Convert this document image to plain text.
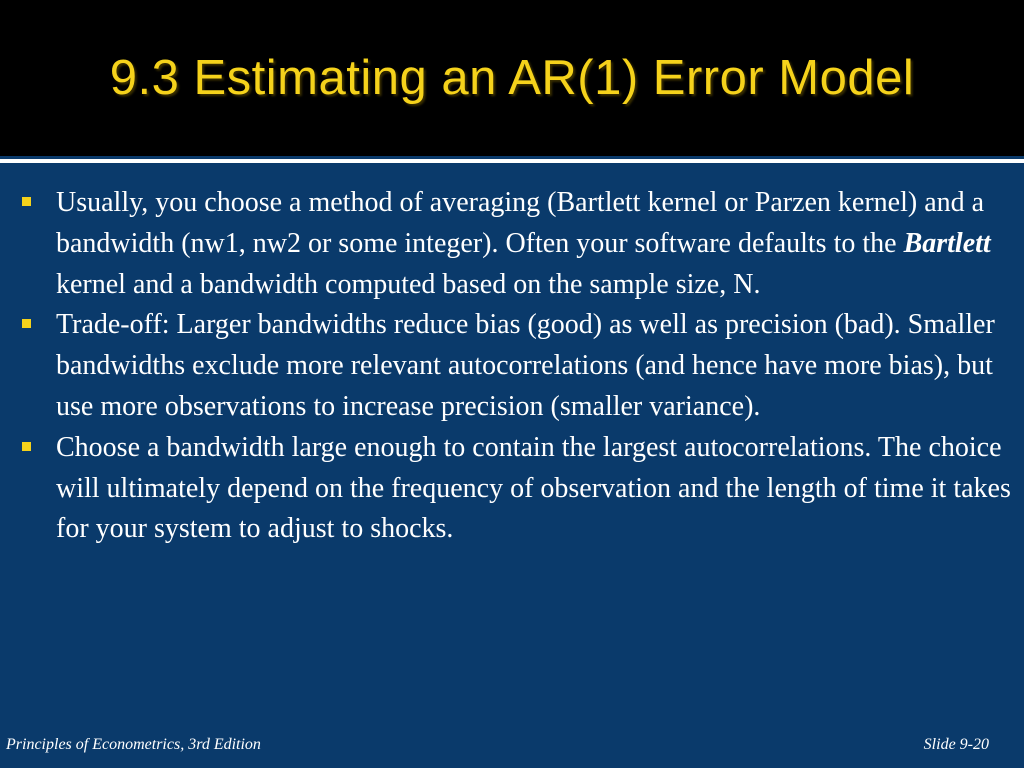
9.3 Estimating an AR(1) Error Model
Usually, you choose a method of averaging (Bartlett kernel or Parzen kernel) and a bandwidth (nw1, nw2 or some integer). Often your software defaults to the Bartlett kernel and a bandwidth computed based on the sample size, N.
Trade-off: Larger bandwidths reduce bias (good) as well as precision (bad). Smaller bandwidths exclude more relevant autocorrelations (and hence have more bias), but use more observations to increase precision (smaller variance).
Choose a bandwidth large enough to contain the largest autocorrelations. The choice will ultimately depend on the frequency of observation and the length of time it takes for your system to adjust to shocks.
Principles of Econometrics, 3rd Edition	Slide 9-20
